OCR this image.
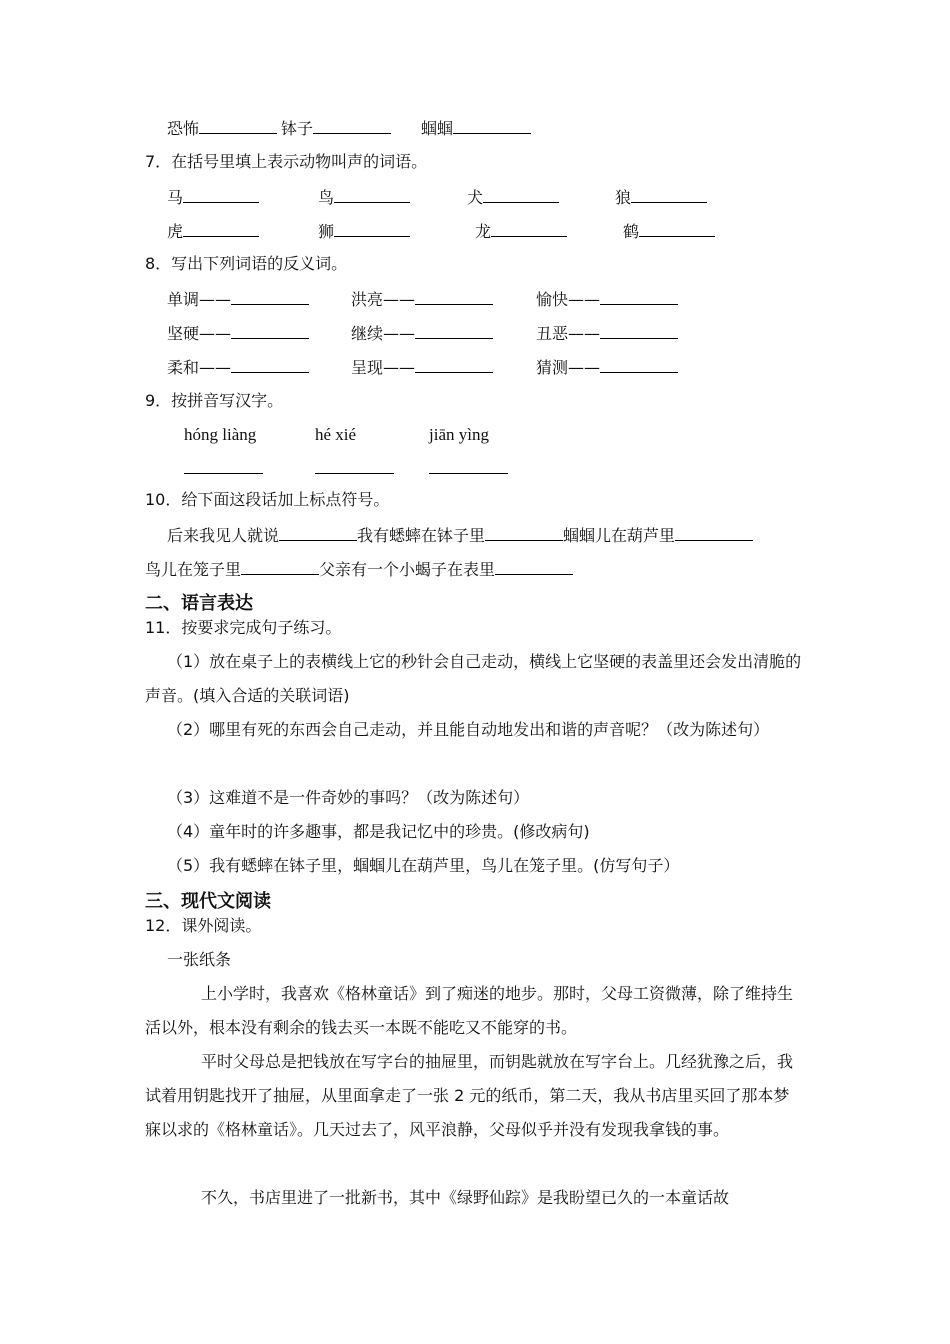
恐怖	钵子	蝈蝈
7．在括号里填上表示动物叫声的词语。
马	鸟	犬	狼
虎	狮	龙	鹤
8．写出下列词语的反义词。
单调——	洪亮——	愉快——
坚硬——	继续——	丑恶——
柔和——	呈现——	猜测——
9．按拼音写汉字。
hóng liàng	hé xié	jiān yìng
10．给下面这段话加上标点符号。
后来我见人就说	我有蟋蟀在钵子里	蝈蝈儿在葫芦里
鸟儿在笼子里	父亲有一个小蝎子在表里
二、语言表达
11．按要求完成句子练习。
（1）放在桌子上的表横线上它的秒针会自己走动，横线上它坚硬的表盖里还会发出清脆的声音。(填入合适的关联词语)
（2）哪里有死的东西会自己走动，并且能自动地发出和谐的声音呢？（改为陈述句）
（3）这难道不是一件奇妙的事吗？（改为陈述句）
（4）童年时的许多趣事，都是我记忆中的珍贵。(修改病句)
（5）我有蟋蟀在钵子里，蝈蝈儿在葫芦里，鸟儿在笼子里。(仿写句子）
三、现代文阅读
12．课外阅读。
一张纸条
上小学时，我喜欢《格林童话》到了痴迷的地步。那时，父母工资微薄，除了维持生活以外，根本没有剩余的钱去买一本既不能吃又不能穿的书。
平时父母总是把钱放在写字台的抽屉里，而钥匙就放在写字台上。几经犹豫之后，我试着用钥匙找开了抽屉，从里面拿走了一张 2 元的纸币，第二天，我从书店里买回了那本梦寐以求的《格林童话》。几天过去了，风平浪静，父母似乎并没有发现我拿钱的事。
不久，书店里进了一批新书，其中《绿野仙踪》是我盼望已久的一本童话故
